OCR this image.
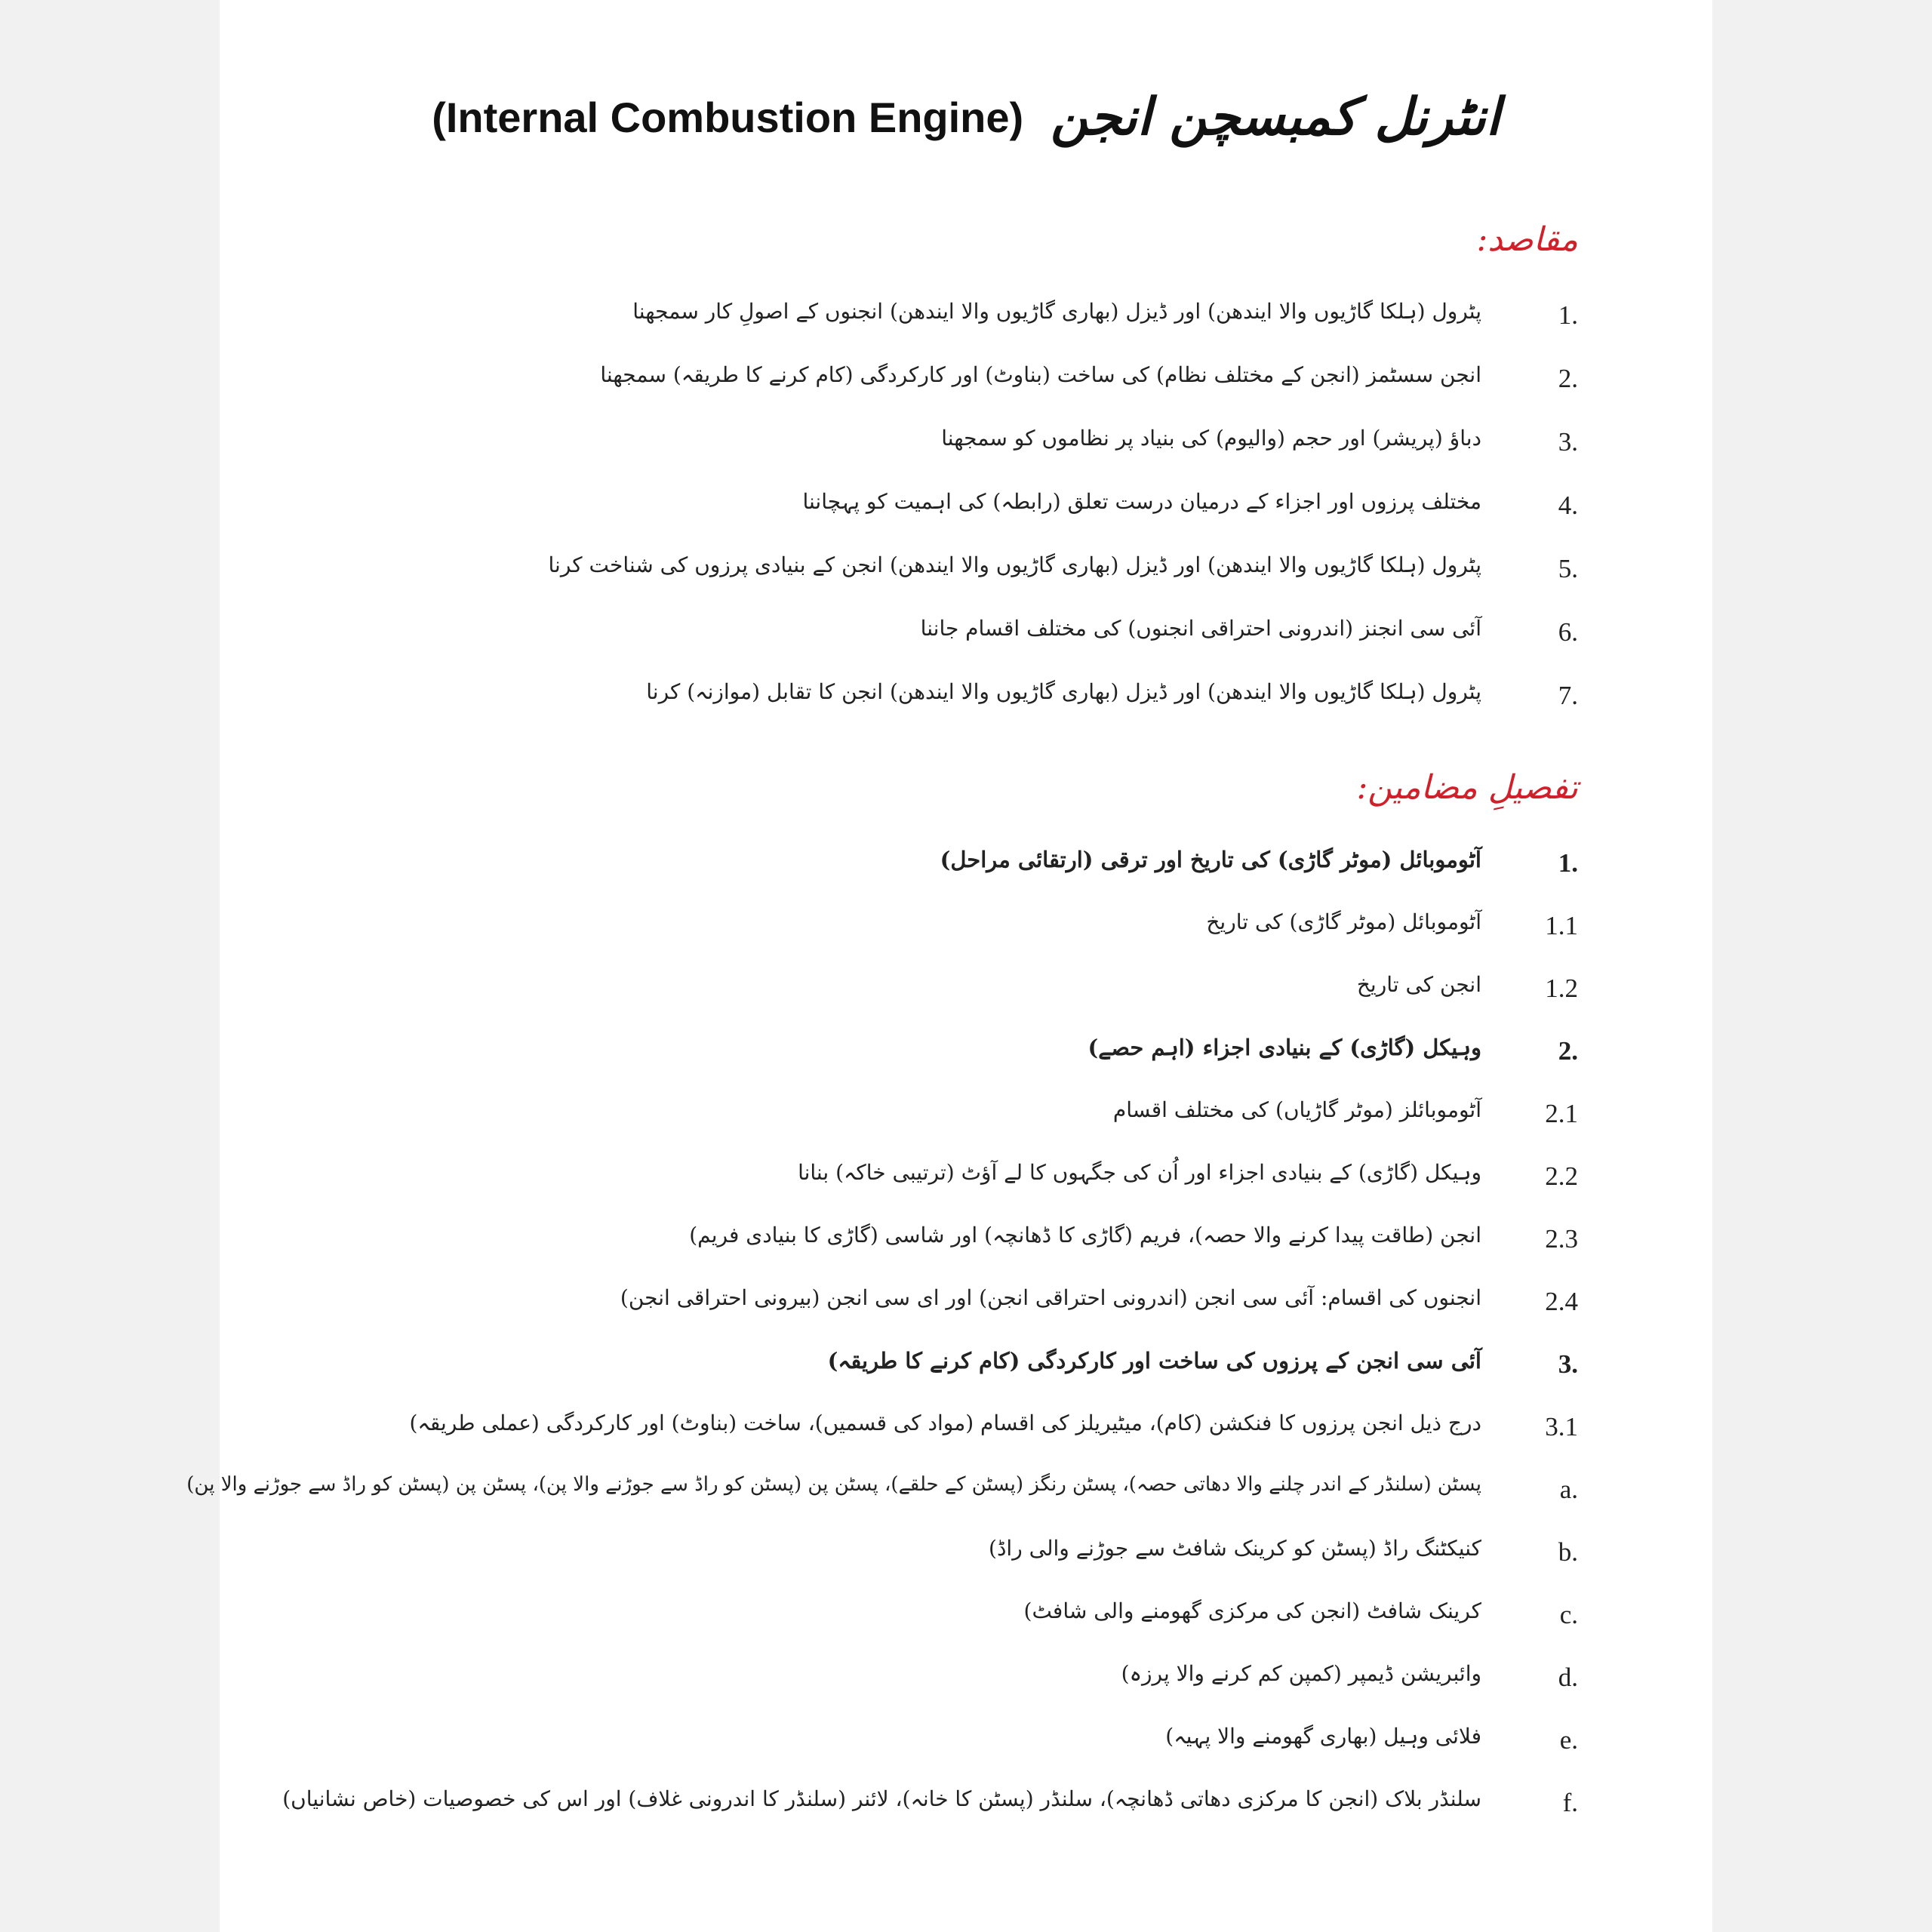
انٹرنل کمبسچن انجن
(Internal Combustion Engine)
مقاصد:
1.
پٹرول (ہلکا گاڑیوں والا ایندھن) اور ڈیزل (بھاری گاڑیوں والا ایندھن) انجنوں کے اصولِ کار سمجھنا
2.
انجن سسٹمز (انجن کے مختلف نظام) کی ساخت (بناوٹ) اور کارکردگی (کام کرنے کا طریقہ) سمجھنا
3.
دباؤ (پریشر) اور حجم (والیوم) کی بنیاد پر نظاموں کو سمجھنا
4.
مختلف پرزوں اور اجزاء کے درمیان درست تعلق (رابطہ) کی اہمیت کو پہچاننا
5.
پٹرول (ہلکا گاڑیوں والا ایندھن) اور ڈیزل (بھاری گاڑیوں والا ایندھن) انجن کے بنیادی پرزوں کی شناخت کرنا
6.
آئی سی انجنز (اندرونی احتراقی انجنوں) کی مختلف اقسام جاننا
7.
پٹرول (ہلکا گاڑیوں والا ایندھن) اور ڈیزل (بھاری گاڑیوں والا ایندھن) انجن کا تقابل (موازنہ) کرنا
تفصیلِ مضامین:
1.
آٹوموبائل (موٹر گاڑی) کی تاریخ اور ترقی (ارتقائی مراحل)
1.1
آٹوموبائل (موٹر گاڑی) کی تاریخ
1.2
انجن کی تاریخ
2.
وہیکل (گاڑی) کے بنیادی اجزاء (اہم حصے)
2.1
آٹوموبائلز (موٹر گاڑیاں) کی مختلف اقسام
2.2
وہیکل (گاڑی) کے بنیادی اجزاء اور اُن کی جگہوں کا لے آؤٹ (ترتیبی خاکہ) بنانا
2.3
انجن (طاقت پیدا کرنے والا حصہ)، فریم (گاڑی کا ڈھانچہ) اور شاسی (گاڑی کا بنیادی فریم)
2.4
انجنوں کی اقسام: آئی سی انجن (اندرونی احتراقی انجن) اور ای سی انجن (بیرونی احتراقی انجن)
3.
آئی سی انجن کے پرزوں کی ساخت اور کارکردگی (کام کرنے کا طریقہ)
3.1
درج ذیل انجن پرزوں کا فنکشن (کام)، میٹیریلز کی اقسام (مواد کی قسمیں)، ساخت (بناوٹ) اور کارکردگی (عملی طریقہ)
a.
پسٹن (سلنڈر کے اندر چلنے والا دھاتی حصہ)، پسٹن رنگز (پسٹن کے حلقے)، پسٹن پن (پسٹن کو راڈ سے جوڑنے والا پن)، پسٹن پن (پسٹن کو راڈ سے جوڑنے والا پن)
b.
کنیکٹنگ راڈ (پسٹن کو کرینک شافٹ سے جوڑنے والی راڈ)
c.
کرینک شافٹ (انجن کی مرکزی گھومنے والی شافٹ)
d.
وائبریشن ڈیمپر (کمپن کم کرنے والا پرزہ)
e.
فلائی وہیل (بھاری گھومنے والا پہیہ)
f.
سلنڈر بلاک (انجن کا مرکزی دھاتی ڈھانچہ)، سلنڈر (پسٹن کا خانہ)، لائنر (سلنڈر کا اندرونی غلاف) اور اس کی خصوصیات (خاص نشانیاں)
